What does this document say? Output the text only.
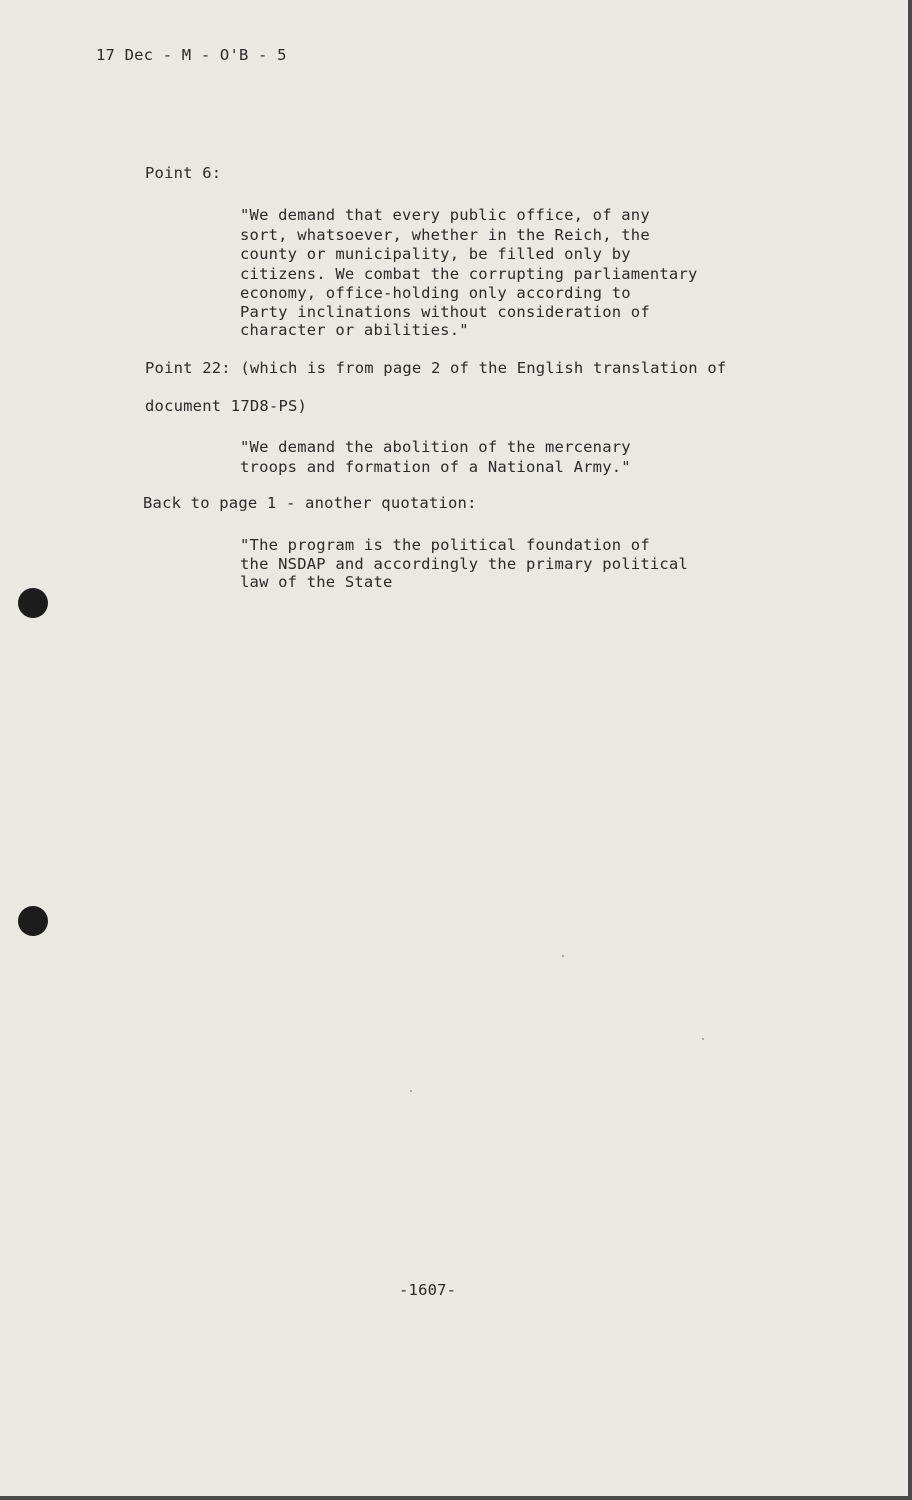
17 Dec - M - O'B - 5
Point 6:
"We demand that every public office, of any
sort, whatsoever, whether in the Reich, the
county or municipality, be filled only by
citizens. We combat the corrupting parliamentary
economy, office-holding only according to
Party inclinations without consideration of
character or abilities."
Point 22: (which is from page 2 of the English translation of
document 17D8-PS)
"We demand the abolition of the mercenary
troops and formation of a National Army."
Back to page 1 - another quotation:
"The program is the political foundation of
the NSDAP and accordingly the primary political
law of the State
-1607-
